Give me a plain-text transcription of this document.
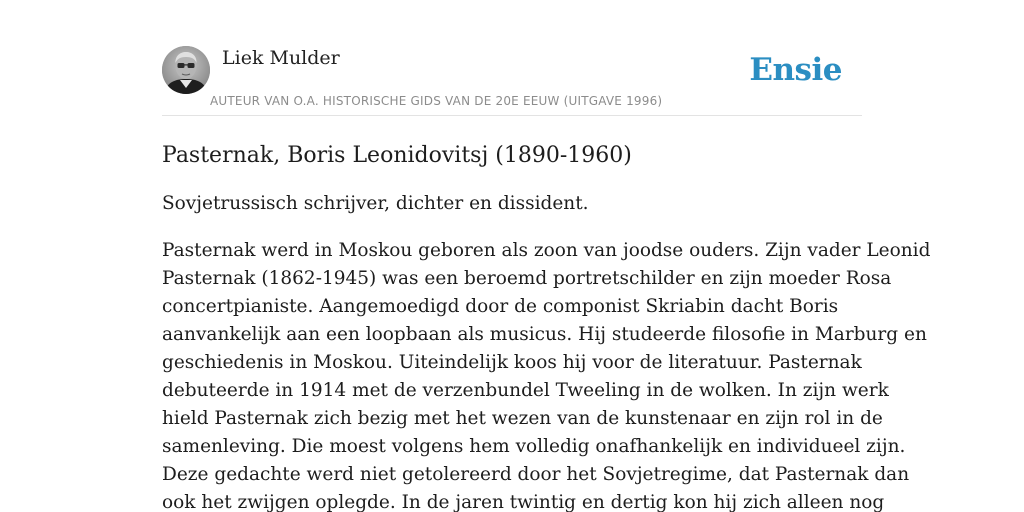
Liek Mulder
AUTEUR VAN O.A. HISTORISCHE GIDS VAN DE 20E EEUW (UITGAVE 1996)
Ensie
Pasternak, Boris Leonidovitsj (1890-1960)

Sovjetrussisch schrijver, dichter en dissident.

Pasternak werd in Moskou geboren als zoon van joodse ouders. Zijn vader Leonid
Pasternak (1862-1945) was een beroemd portretschilder en zijn moeder Rosa
concertpianiste. Aangemoedigd door de componist Skriabin dacht Boris
aanvankelijk aan een loopbaan als musicus. Hij studeerde filosofie in Marburg en
geschiedenis in Moskou. Uiteindelijk koos hij voor de literatuur. Pasternak
debuteerde in 1914 met de verzenbundel Tweeling in de wolken. In zijn werk
hield Pasternak zich bezig met het wezen van de kunstenaar en zijn rol in de
samenleving. Die moest volgens hem volledig onafhankelijk en individueel zijn.
Deze gedachte werd niet getolereerd door het Sovjetregime, dat Pasternak dan
ook het zwijgen oplegde. In de jaren twintig en dertig kon hij zich alleen nog
